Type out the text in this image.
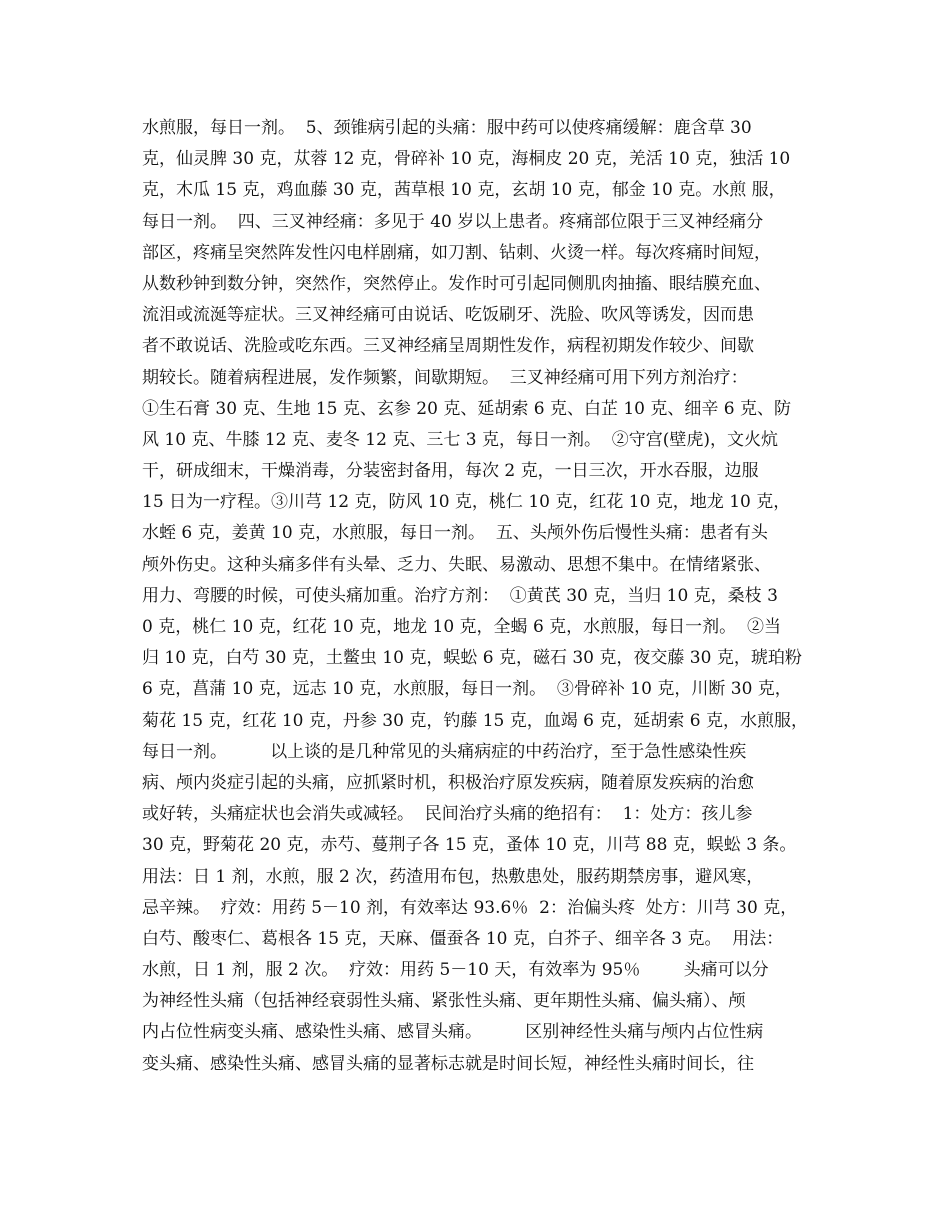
水煎服，每日一剂。  5、颈锥病引起的头痛：服中药可以使疼痛缓解：鹿含草 30
克，仙灵脾 30 克，苁蓉 12 克，骨碎补 10 克，海桐皮 20 克，羌活 10 克，独活 10
克，木瓜 15 克，鸡血藤 30 克，茜草根 10 克，玄胡 10 克，郁金 10 克。水煎 服，
每日一剂。  四、三叉神经痛：多见于 40 岁以上患者。疼痛部位限于三叉神经痛分
部区，疼痛呈突然阵发性闪电样剧痛，如刀割、钻刺、火烫一样。每次疼痛时间短，
从数秒钟到数分钟，突然作，突然停止。发作时可引起同侧肌肉抽搐、眼结膜充血、
流泪或流涎等症状。三叉神经痛可由说话、吃饭刷牙、洗脸、吹风等诱发，因而患
者不敢说话、洗脸或吃东西。三叉神经痛呈周期性发作，病程初期发作较少、间歇
期较长。随着病程进展，发作频繁，间歇期短。  三叉神经痛可用下列方剂治疗：
①生石膏 30 克、生地 15 克、玄参 20 克、延胡索 6 克、白芷 10 克、细辛 6 克、防
风 10 克、牛膝 12 克、麦冬 12 克、三七 3 克，每日一剂。  ②守宫(壁虎)，文火炕
干，研成细末，干燥消毒，分装密封备用，每次 2 克，一日三次，开水吞服，边服
15 日为一疗程。③川芎 12 克，防风 10 克，桃仁 10 克，红花 10 克，地龙 10 克，
水蛭 6 克，姜黄 10 克，水煎服，每日一剂。  五、头颅外伤后慢性头痛：患者有头
颅外伤史。这种头痛多伴有头晕、乏力、失眠、易激动、思想不集中。在情绪紧张、
用力、弯腰的时候，可使头痛加重。治疗方剂：  ①黄芪 30 克，当归 10 克，桑枝 3
0 克，桃仁 10 克，红花 10 克，地龙 10 克，全蝎 6 克，水煎服，每日一剂。  ②当
归 10 克，白芍 30 克，土鳖虫 10 克，蜈蚣 6 克，磁石 30 克，夜交藤 30 克，琥珀粉
6 克，菖蒲 10 克，远志 10 克，水煎服，每日一剂。  ③骨碎补 10 克，川断 30 克，
菊花 15 克，红花 10 克，丹参 30 克，钓藤 15 克，血竭 6 克，延胡索 6 克，水煎服，
每日一剂。        以上谈的是几种常见的头痛病症的中药治疗，至于急性感染性疾
病、颅内炎症引起的头痛，应抓紧时机，积极治疗原发疾病，随着原发疾病的治愈
或好转，头痛症状也会消失或减轻。  民间治疗头痛的绝招有：  1：处方：孩儿参
30 克，野菊花 20 克，赤芍、蔓荆子各 15 克，蚤体 10 克，川芎 88 克，蜈蚣 3 条。
用法：日 1 剂，水煎，服 2 次，药渣用布包，热敷患处，服药期禁房事，避风寒，
忌辛辣。  疗效：用药 5－10 剂，有效率达 93.6％  2：治偏头疼  处方：川芎 30 克，
白芍、酸枣仁、葛根各 15 克，天麻、僵蚕各 10 克，白芥子、细辛各 3 克。  用法：
水煎，日 1 剂，服 2 次。  疗效：用药 5－10 天，有效率为 95％        头痛可以分
为神经性头痛（包括神经衰弱性头痛、紧张性头痛、更年期性头痛、偏头痛）、颅
内占位性病变头痛、感染性头痛、感冒头痛。        区别神经性头痛与颅内占位性病
变头痛、感染性头痛、感冒头痛的显著标志就是时间长短，神经性头痛时间长，往
